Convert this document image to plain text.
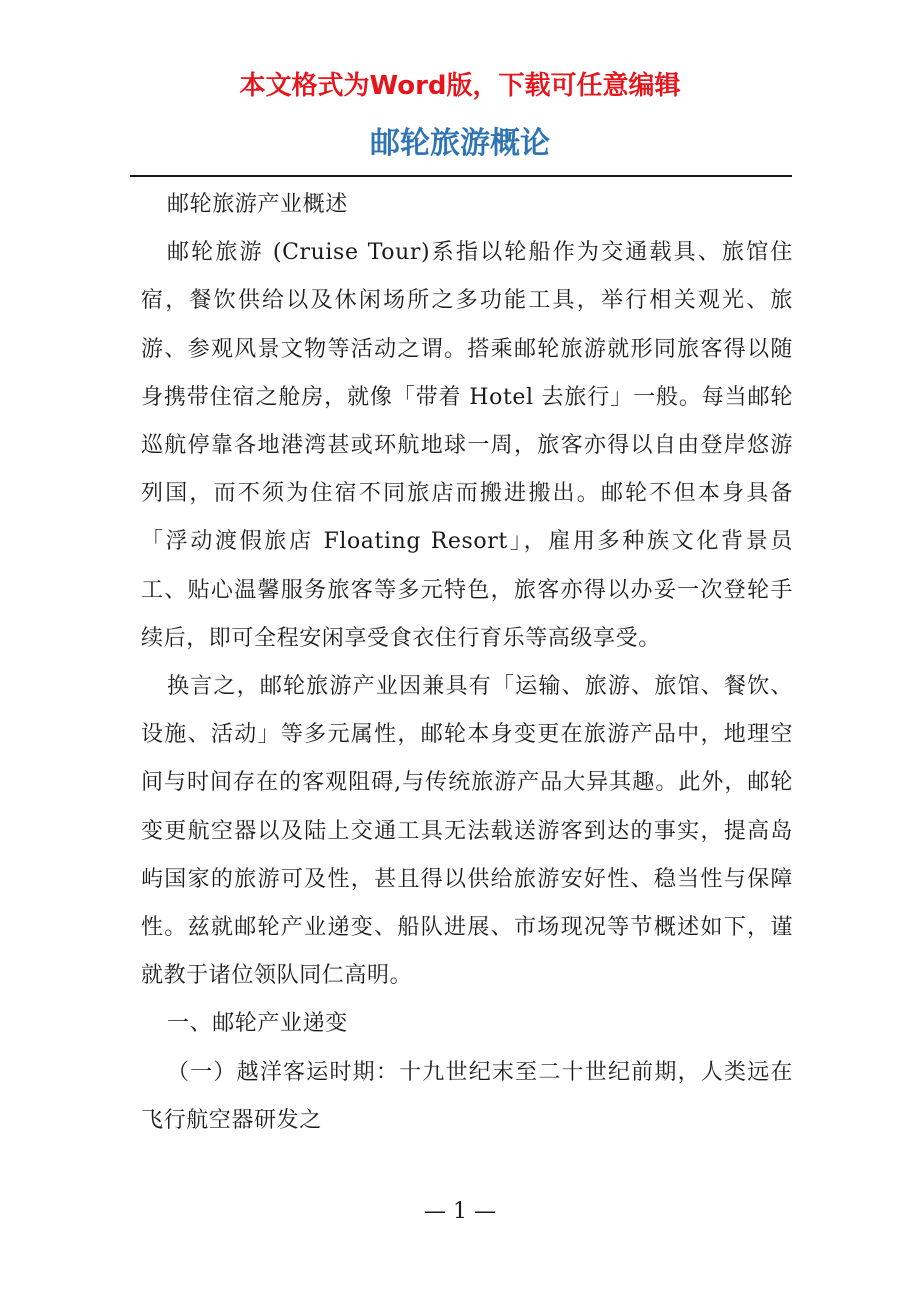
本文格式为Word版，下载可任意编辑
邮轮旅游概论

邮轮旅游产业概述

邮轮旅游 (Cruise Tour)系指以轮船作为交通载具、旅馆住宿，餐饮供给以及休闲场所之多功能工具，举行相关观光、旅游、参观风景文物等活动之谓。搭乘邮轮旅游就形同旅客得以随身携带住宿之舱房，就像「带着 Hotel 去旅行」一般。每当邮轮巡航停靠各地港湾甚或环航地球一周，旅客亦得以自由登岸悠游列国，而不须为住宿不同旅店而搬进搬出。邮轮不但本身具备「浮动渡假旅店 Floating Resort」，雇用多种族文化背景员工、贴心温馨服务旅客等多元特色，旅客亦得以办妥一次登轮手续后，即可全程安闲享受食衣住行育乐等高级享受。

换言之，邮轮旅游产业因兼具有「运输、旅游、旅馆、餐饮、设施、活动」等多元属性，邮轮本身变更在旅游产品中，地理空间与时间存在的客观阻碍,与传统旅游产品大异其趣。此外，邮轮变更航空器以及陆上交通工具无法载送游客到达的事实，提高岛屿国家的旅游可及性，甚且得以供给旅游安好性、稳当性与保障性。兹就邮轮产业递变、船队进展、市场现况等节概述如下，谨就教于诸位领队同仁高明。

一、邮轮产业递变

（一）越洋客运时期：十九世纪末至二十世纪前期，人类远在飞行航空器研发之

— 1 —
